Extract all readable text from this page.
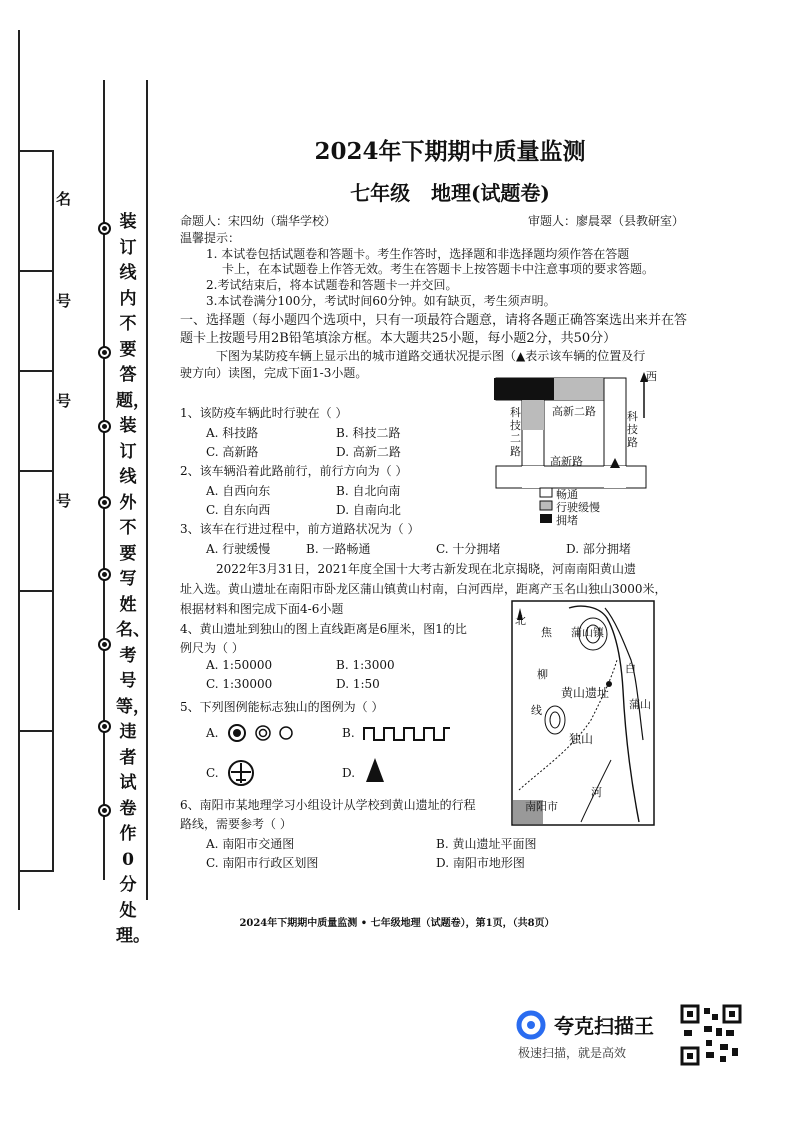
名
号
号
号
装订线内不要答题，装订线外不要写姓名、考号等，违者试卷作0分处理。
2024年下期期中质量监测
七年级   地理(试题卷)
命题人：宋四幼（瑞华学校）	审题人：廖晨翠（县教研室）
温馨提示：
1. 本试卷包括试题卷和答题卡。考生作答时，选择题和非选择题均须作答在答题
卡上，在本试题卷上作答无效。考生在答题卡上按答题卡中注意事项的要求答题。
2.考试结束后，将本试题卷和答题卡一并交回。
3.本试卷满分100分，考试时间60分钟。如有缺页，考生须声明。
一、选择题（每小题四个选项中，只有一项最符合题意，请将各题正确答案选出来并在答
题卡上按题号用2B铅笔填涂方框。本大题共25小题，每小题2分，共50分）
下图为某防疫车辆上显示出的城市道路交通状况提示图（▲表示该车辆的位置及行
驶方向）读图，完成下面1-3小题。	西
高新二路
科技二路
科技路
高新路
畅通
行驶缓慢
拥堵
1、该防疫车辆此时行驶在（ ）
A. 科技路	B. 科技二路
C. 高新路	D. 高新二路
2、该车辆沿着此路前行，前行方向为（ ）
A. 自西向东	B. 自北向南
C. 自东向西	D. 自南向北
3、该车在行进过程中，前方道路状况为（ ）
A. 行驶缓慢	B. 一路畅通	C. 十分拥堵	D. 部分拥堵
2022年3月31日，2021年度全国十大考古新发现在北京揭晓，河南南阳黄山遗
址入选。黄山遗址在南阳市卧龙区蒲山镇黄山村南，白河西岸，距离产玉名山独山3000米，
根据材料和图完成下面4-6小题
北
蒲山镇
焦
柳
线
白
黄山遗址
蒲山
独山
河
南阳市
4、黄山遗址到独山的图上直线距离是6厘米，图1的比
例尺为（ ）
A. 1:50000	B. 1:3000
C. 1:30000	D. 1:50
5、下列图例能标志独山的图例为（ ）
A.	B.
C.	D.
6、南阳市某地理学习小组设计从学校到黄山遗址的行程
路线，需要参考（ ）
A. 南阳市交通图	B. 黄山遗址平面图
C. 南阳市行政区划图	D. 南阳市地形图
2024年下期期中质量监测 • 七年级地理（试题卷），第1页，（共8页）
夸克扫描王
极速扫描，就是高效
